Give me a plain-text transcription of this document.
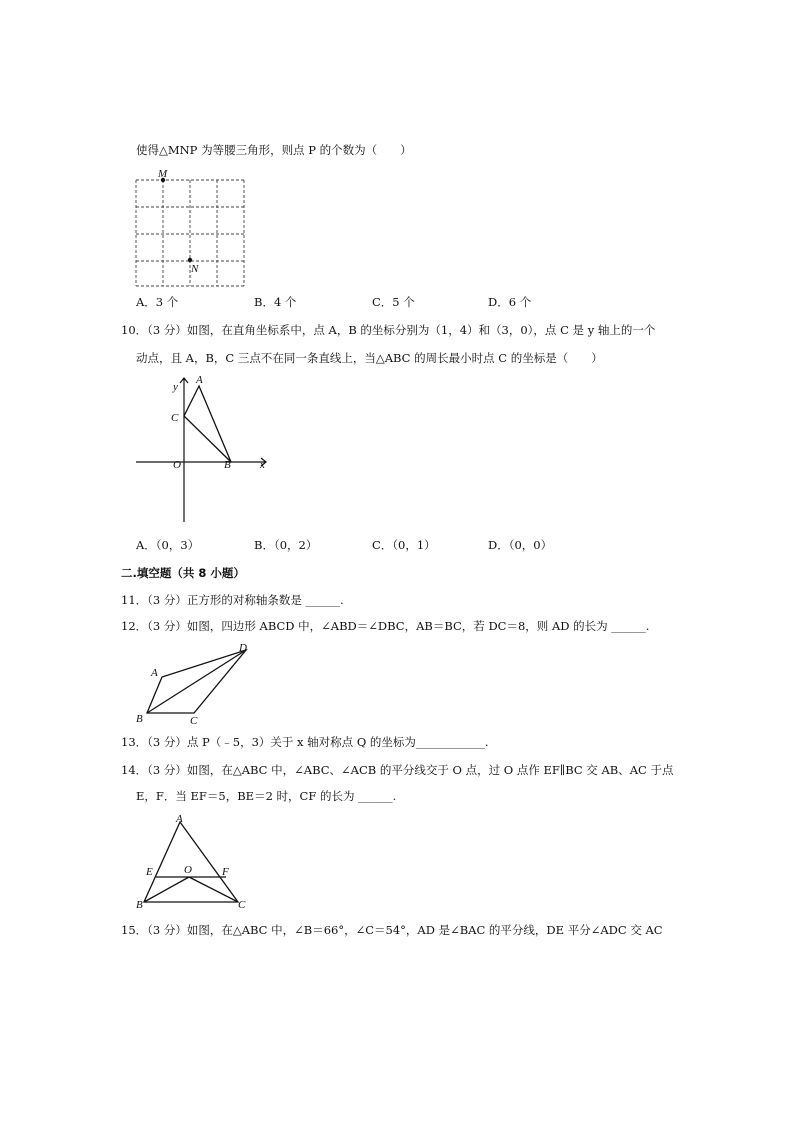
使得△MNP 为等腰三角形，则点 P 的个数为（　　）
M
N
A．3 个	B．4 个	C．5 个	D．6 个
10．（3 分）如图，在直角坐标系中，点 A，B 的坐标分别为（1，4）和（3，0），点 C 是 y 轴上的一个
动点，且 A，B，C 三点不在同一条直线上，当△ABC 的周长最小时点 C 的坐标是（　　）
y
A
C
O	B	x
A．（0，3）	B．（0，2）	C．（0，1）	D．（0，0）
二.填空题（共 8 小题）
11．（3 分）正方形的对称轴条数是 ______.
12．（3 分）如图，四边形 ABCD 中，∠ABD＝∠DBC，AB＝BC，若 DC＝8，则 AD 的长为 ______.
A
B	C
D
13．（3 分）点 P（﹣5，3）关于 x 轴对称点 Q 的坐标为____________.
14．（3 分）如图，在△ABC 中，∠ABC、∠ACB 的平分线交于 O 点，过 O 点作 EF∥BC 交 AB、AC 于点
E，F．当 EF＝5，BE＝2 时，CF 的长为 ______.
A
E	O	F
B	C
15．（3 分）如图，在△ABC 中，∠B＝66°，∠C＝54°，AD 是∠BAC 的平分线，DE 平分∠ADC 交 AC
